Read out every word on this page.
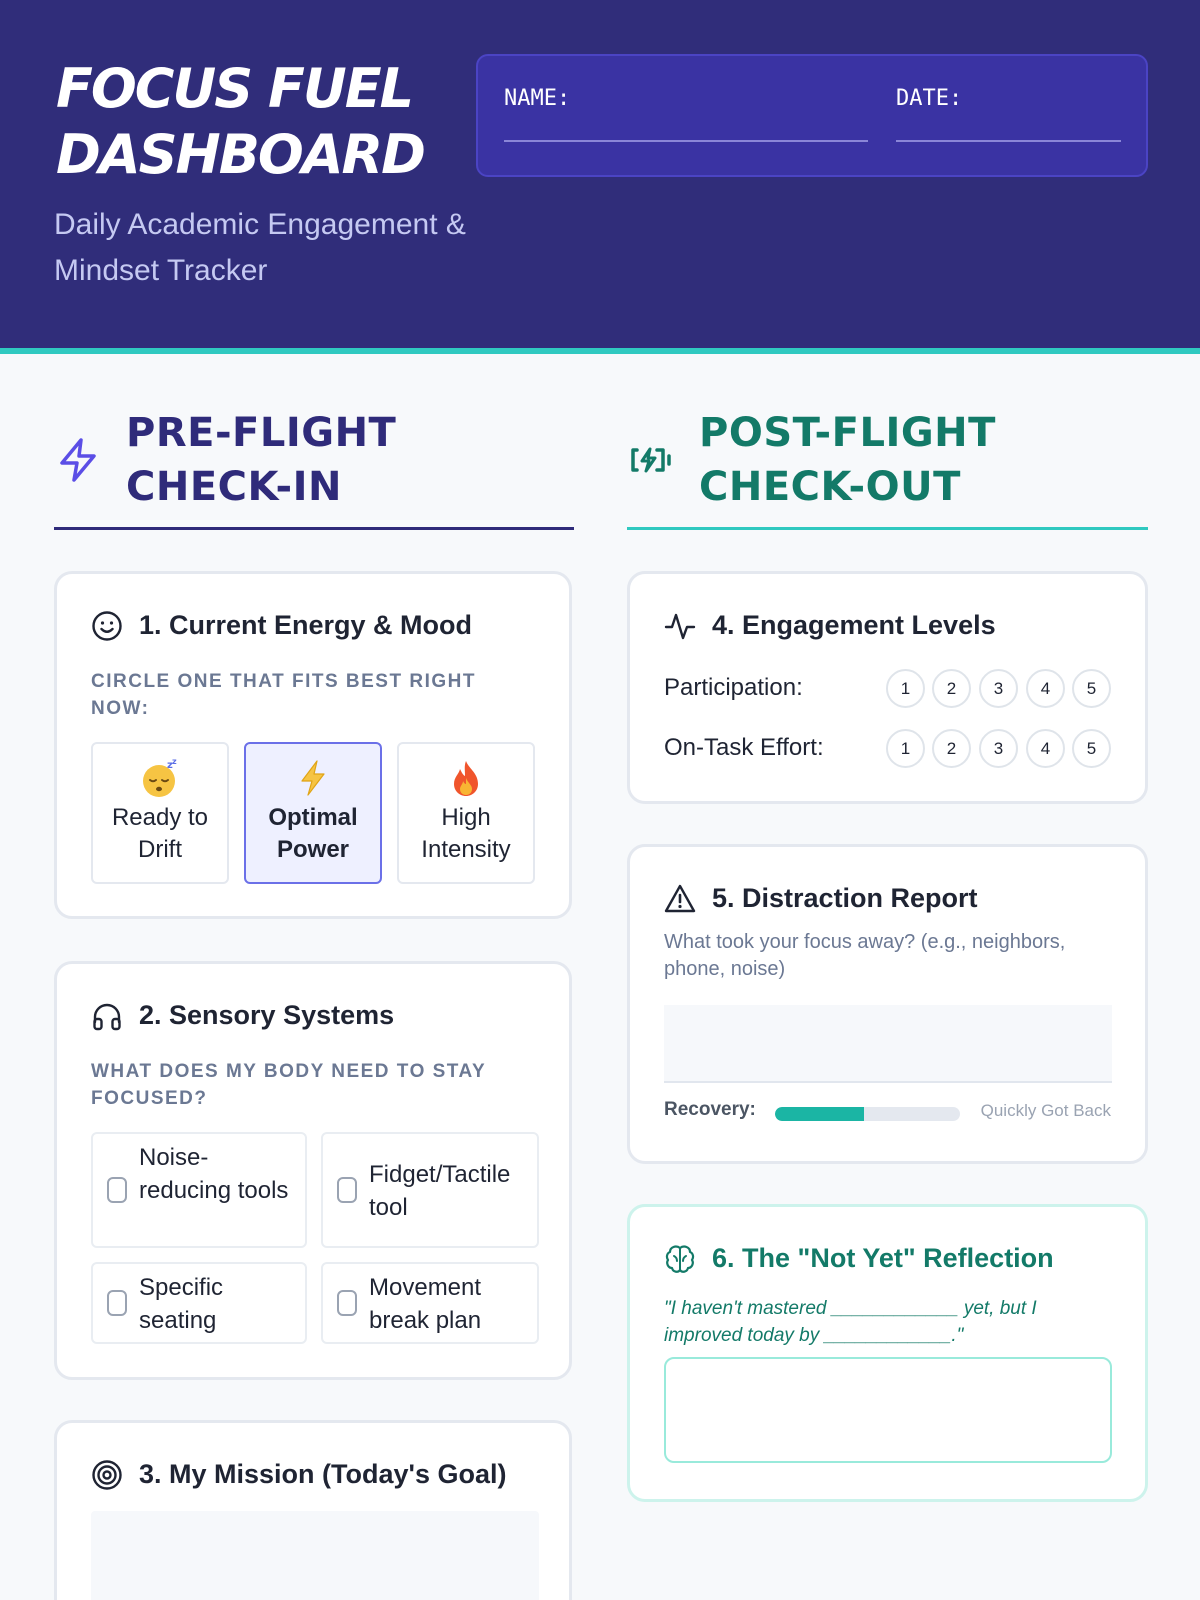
FOCUS FUEL
DASHBOARD
Daily Academic Engagement & Mindset Tracker
NAME:	DATE:
PRE-FLIGHT CHECK-IN
POST-FLIGHT CHECK-OUT
1. Current Energy & Mood
CIRCLE ONE THAT FITS BEST RIGHT NOW:
z z
Ready to Drift
Optimal Power
High Intensity
2. Sensory Systems
WHAT DOES MY BODY NEED TO STAY FOCUSED?
Noise-reducing tools
Fidget/Tactile tool
Specific seating
Movement break plan
3. My Mission (Today's Goal)
4. Engagement Levels
Participation:	1	2	3	4	5
On-Task Effort:	1	2	3	4	5
5. Distraction Report
What took your focus away? (e.g., neighbors, phone, noise)
Recovery:	Quickly Got Back
6. The "Not Yet" Reflection
"I haven't mastered ____________ yet, but I improved today by ____________."
